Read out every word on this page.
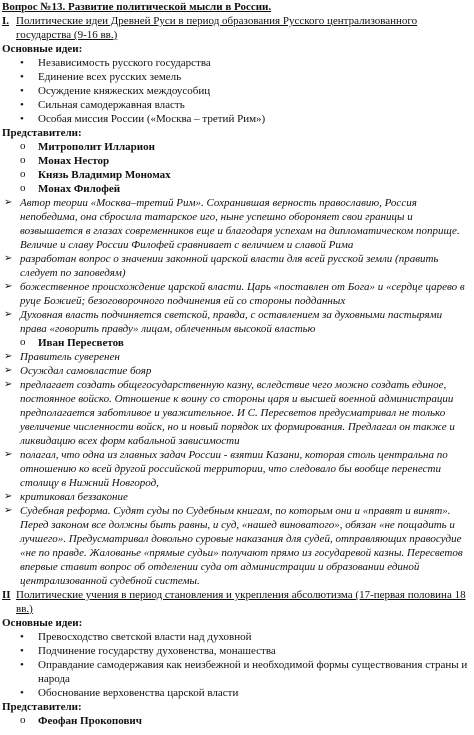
Вопрос №13. Развитие политической мысли в России.
I. Политические идеи Древней Руси в период образования Русского централизованного государства (9-16 вв.)
Основные идеи:
• Независимость русского государства
• Единение всех русских земель
• Осуждение княжеских междоусобиц
• Сильная самодержавная власть
• Особая миссия России («Москва – третий Рим»)
Представители:
o Митрополит Илларион
o Монах Нестор
o Князь Владимир Мономах
o Монах Филофей
➢ Автор теории «Москва–третий Рим». Сохранившая верность православию, Россия непобедима, она сбросила татарское иго, ныне успешно обороняет свои границы и возвышается в глазах современников еще и благодаря успехам на дипломатическом поприще. Величие и славу России Филофей сравнивает с величием и славой Рима
➢ разработан вопрос о значении законной царской власти для всей русской земли (править следует по заповедям)
➢ божественное происхождение царской власти. Царь «поставлен от Бога» и «сердце царево в руце Божией; безоговорочного подчинения ей со стороны подданных
➢ Духовная власть подчиняется светской, правда, с оставлением за духовными пастырями права «говорить правду» лицам, облеченным высокой властью
o Иван Пересветов
➢ Правитель суверенен
➢ Осуждал самовластие бояр
➢ предлагает создать общегосударственную казну, вследствие чего можно создать единое, постоянное войско. Отношение к воину со стороны царя и высшей военной администрации предполагается заботливое и уважительное. И С. Пересветов предусматривал не только увеличение численности войск, но и новый порядок их формирования. Предлагал он также и ликвидацию всех форм кабальной зависимости
➢ полагал, что одна из главных задач России - взятии Казани, которая столь центральна по отношению ко всей другой российской территории, что следовало бы вообще перенести столицу в Нижний Новгород,
➢ критиковал беззаконие
➢ Судебная реформа. Судят суды по Судебным книгам, по которым они и «правят и винят». Перед законом все должны быть равны, и суд, «нашед виноватого», обязан «не пощадить и лучшего». Предусматривал довольно суровые наказания для судей, отправляющих правосудие «не по правде. Жалованье «прямые судьи» получают прямо из государевой казны. Пересветов впервые ставит вопрос об отделении суда от администрации и образовании единой централизованной судебной системы.
II Политические учения в период становления и укрепления абсолютизма (17-первая половина 18 вв.)
Основные идеи:
• Превосходство светской власти над духовной
• Подчинение государству духовенства, монашества
• Оправдание самодержавия как неизбежной и необходимой формы существования страны и народа
• Обоснование верховенства царской власти
Представители:
o Феофан Прокопович
